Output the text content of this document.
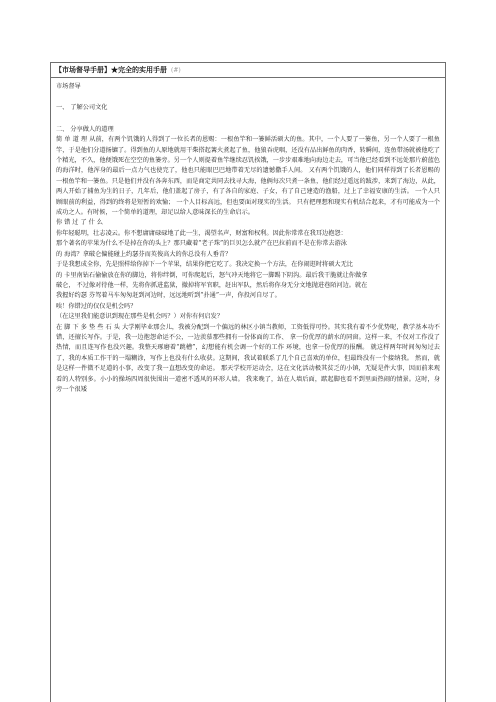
【市场督导手册】★完全的实用手册 (#)

市场督导

一、 了解公司文化

二、 分享做人的道理

简 单 道 理 从前，有两个饥饿的人得到了一位长者的恩赐：一根鱼竿和一篓鲜活硕大的鱼。其中，一个人要了一篓鱼，另一个人要了一根鱼竿，于是他们分道扬镳了。得到鱼的人原地就用干柴搭起篝火煮起了鱼，他狼吞虎咽，还没有品出鲜鱼的肉香，转瞬间，连鱼带汤就被他吃了个精光，不久，他便饿死在空空的鱼篓旁。另一个人则提着鱼竿继续忍饥挨饿，一步步艰难地向海边走去，可当他已经看到不远处那片蔚蓝色的海洋时，他浑身的最后一点力气也使完了，他也只能眼巴巴地带着无尽的遗憾撒手人间。 又有两个饥饿的人，他们同样得到了长者恩赐的一根鱼竿和一篓鱼。只是他们并没有各奔东西，而是商定共同去找寻大海，他俩每次只煮一条鱼，他们经过遥远的跋涉，来到了海边，从此，两人开始了捕鱼为生的日子，几年后，他们盖起了房子，有了各自的家庭、子女，有了自己建造的渔船，过上了幸福安康的生活。 一个人只顾眼前的利益，得到的终将是短暂的欢愉； 一个人目标高远，但也要面对现实的生活。 只有把理想和现实有机结合起来，才有可能成为一个成功之人。有时候，一个简单的道理，却足以给人意味深长的生命启示。

你 错 过 了 什 么

你年轻聪明，壮志凌云。你不想庸庸碌碌地了此一生，渴望名声，财富和权利。因此你常常在我耳边抱怨：

那个著名的苹果为什么不是掉在你的头上？那只藏着“老子珠”的巨贝怎么就产在巴拉前而不是在你常去游泳

的 海湾？拿破仑偏能碰上约瑟芬而英俊高大的你总没有人垂青？

于是我想成全你，先是照样给你掉下一个苹果，结果你把它吃了。我决定换一个方法，在你闹逛时将硕大无比

的 卡里南钻石偷偷放在你的脚边，将你绊倒，可你爬起后，怒气冲天地将它一脚踢下阴沟。最后我干脆就让你做拿

破仑， 不过像对待他一样，先将你抓进监狱，撤掉将军官职，赶出军队，然后将你身无分文地抛进巷陌河边。就在

我握好约瑟 芬驾着马车匆匆赶到河边时，远远地听到“扑通”一声，你投河自尽了。

唉！你错过的仅仅是机会吗？

（在这里我们能意识到现在那些是机会吗？）对你有何启发？

在 脚 下 多 垫 些 石 头 大学刚毕业那会儿，我被分配到一个偏远的林区小镇当教师，工资低得可怜。其实我有着不少优势呢，教学基本功不错，还擅长写作。于是，我一边抱怨命运不公，一边羡慕那些拥有一份体面的工作、 拿一份优厚的薪水的同窗。这样一来，不仅对工作没了热情，而且连写作也没兴趣。我整天琢磨着“跳槽”，幻想能有机会调一个好的工作 环境，也拿一份优厚的报酬。 就这样两年时间匆匆过去了，我的本质工作干的一塌糊涂，写作上也没有什么收获。这期间，我试着联系了几个自己喜欢的单位，但最终没有一个接纳我。 然而，就是这样一件微不足道的小事，改变了我一直想改变的命运。 那天学校开运动会，这在文化活动极其贫乏的小镇，无疑是件大事，因而前来观看的人特别多。小小的操场四周很快围出一道密不透风的环形人墙。 我来晚了，站在人墙后面，踮起脚也看不到里面热闹的情景。这时，身旁一个很矮
